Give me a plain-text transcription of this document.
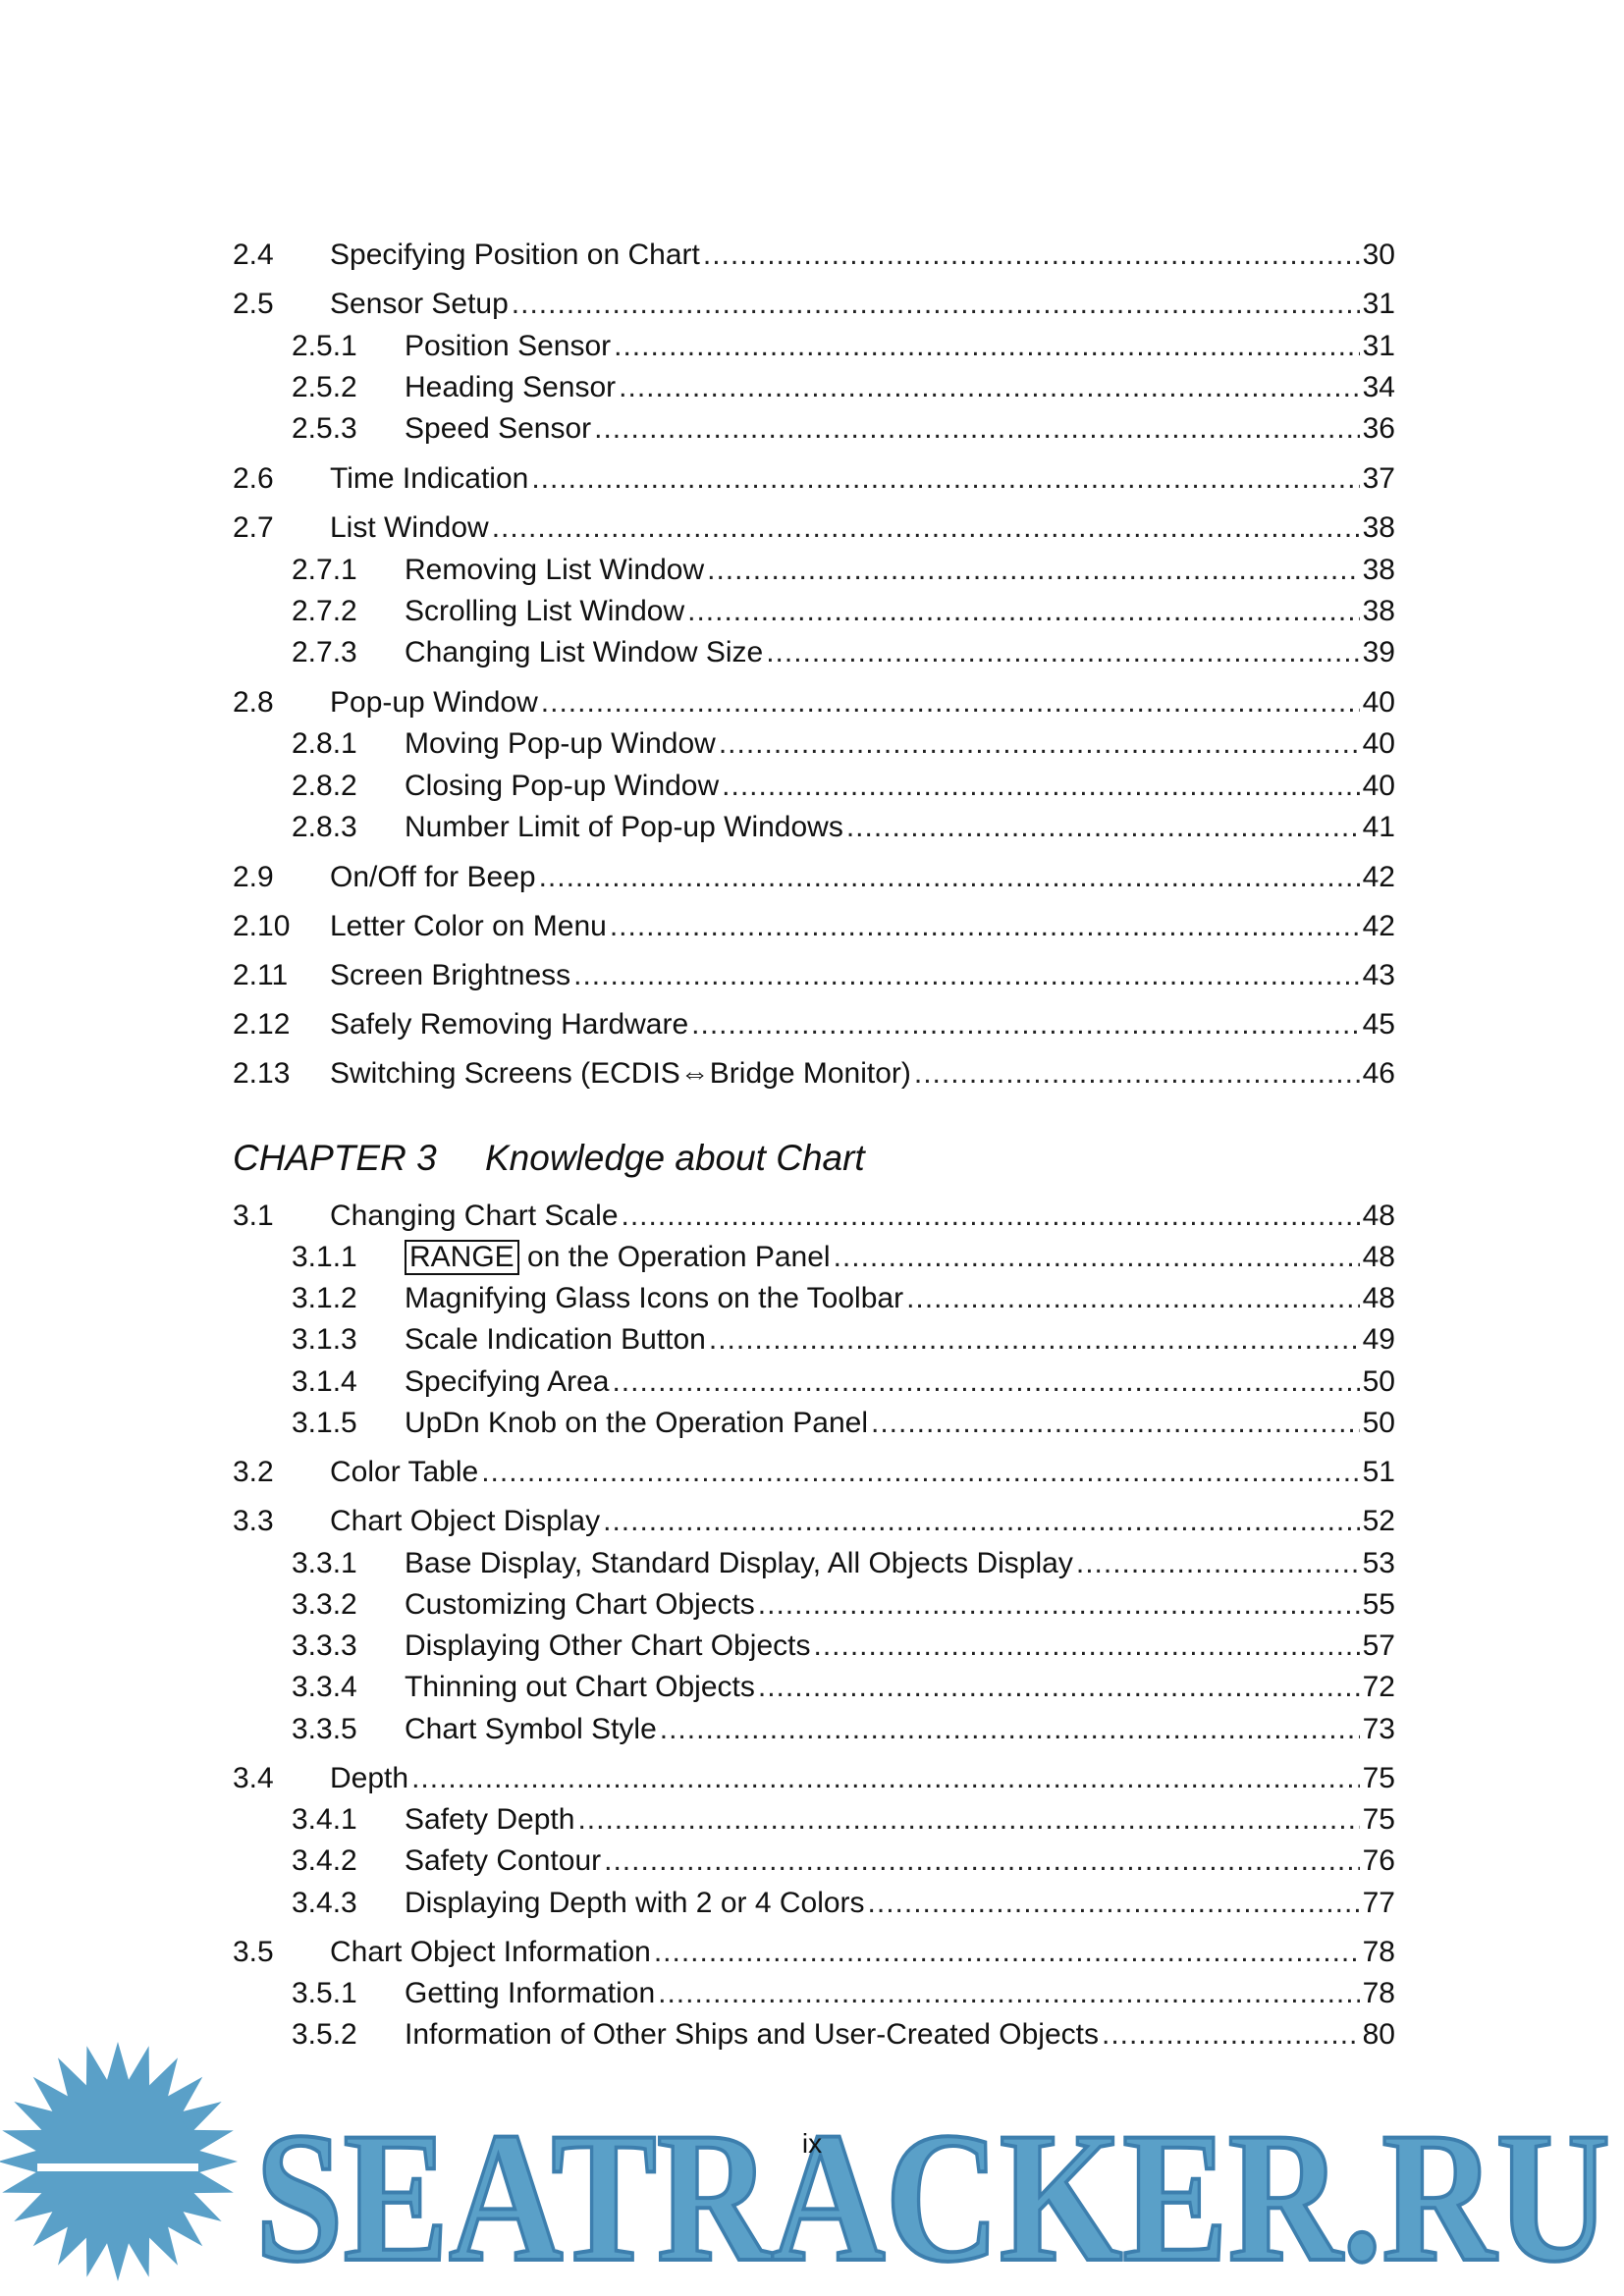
2.4	Specifying Position on Chart .....	30
2.5	Sensor Setup .....	31
2.5.1	Position Sensor .....	31
2.5.2	Heading Sensor .....	34
2.5.3	Speed Sensor .....	36
2.6	Time Indication .....	37
2.7	List Window .....	38
2.7.1	Removing List Window .....	38
2.7.2	Scrolling List Window .....	38
2.7.3	Changing List Window Size .....	39
2.8	Pop-up Window .....	40
2.8.1	Moving Pop-up Window .....	40
2.8.2	Closing Pop-up Window .....	40
2.8.3	Number Limit of Pop-up Windows .....	41
2.9	On/Off for Beep .....	42
2.10	Letter Color on Menu .....	42
2.11	Screen Brightness .....	43
2.12	Safely Removing Hardware .....	45
2.13	Switching Screens (ECDIS⇔Bridge Monitor) .....	46
3.1	Changing Chart Scale .....	48
3.1.1	RANGE on the Operation Panel .....	48
3.1.2	Magnifying Glass Icons on the Toolbar .....	48
3.1.3	Scale Indication Button .....	49
3.1.4	Specifying Area .....	50
3.1.5	UpDn Knob on the Operation Panel .....	50
3.2	Color Table .....	51
3.3	Chart Object Display .....	52
3.3.1	Base Display, Standard Display, All Objects Display .....	53
3.3.2	Customizing Chart Objects .....	55
3.3.3	Displaying Other Chart Objects .....	57
3.3.4	Thinning out Chart Objects .....	72
3.3.5	Chart Symbol Style .....	73
3.4	Depth .....	75
3.4.1	Safety Depth .....	75
3.4.2	Safety Contour .....	76
3.4.3	Displaying Depth with 2 or 4 Colors .....	77
3.5	Chart Object Information .....	78
3.5.1	Getting Information .....	78
3.5.2	Information of Other Ships and User-Created Objects .....	80
CHAPTER 3	Knowledge about Chart
SEATRACKER.RU
ix
